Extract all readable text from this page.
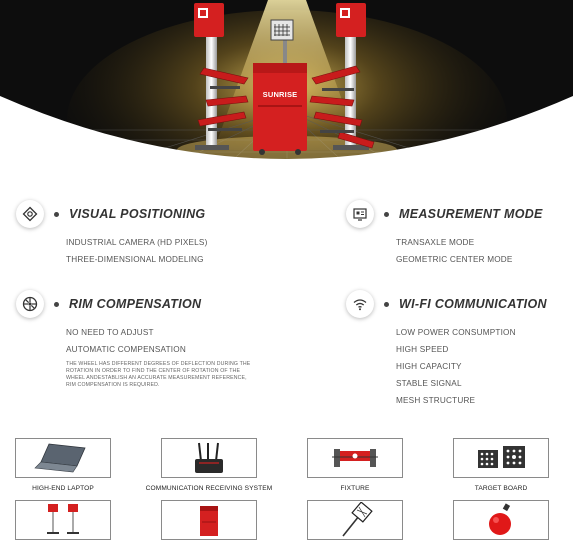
SUNRISE
VISUAL POSITIONING
INDUSTRIAL CAMERA (HD PIXELS)
THREE-DIMENSIONAL MODELING
MEASUREMENT MODE
TRANSAXLE MODE
GEOMETRIC CENTER MODE
RIM COMPENSATION
NO NEED TO ADJUST
AUTOMATIC COMPENSATION
THE WHEEL HAS DIFFERENT DEGREES OF DEFLECTION DURING THE ROTATION IN ORDER TO FIND THE CENTER OF ROTATION OF THE WHEEL ANDESTABLISH AN ACCURATE MEASUREMENT REFERENCE, RIM COMPENSATION IS REQUIRED.
WI-FI COMMUNICATION
LOW POWER CONSUMPTION
HIGH SPEED
HIGH CAPACITY
STABLE SIGNAL
MESH STRUCTURE
HIGH-END LAPTOP	COMMUNICATION RECEIVING SYSTEM	FIXTURE	TARGET BOARD
